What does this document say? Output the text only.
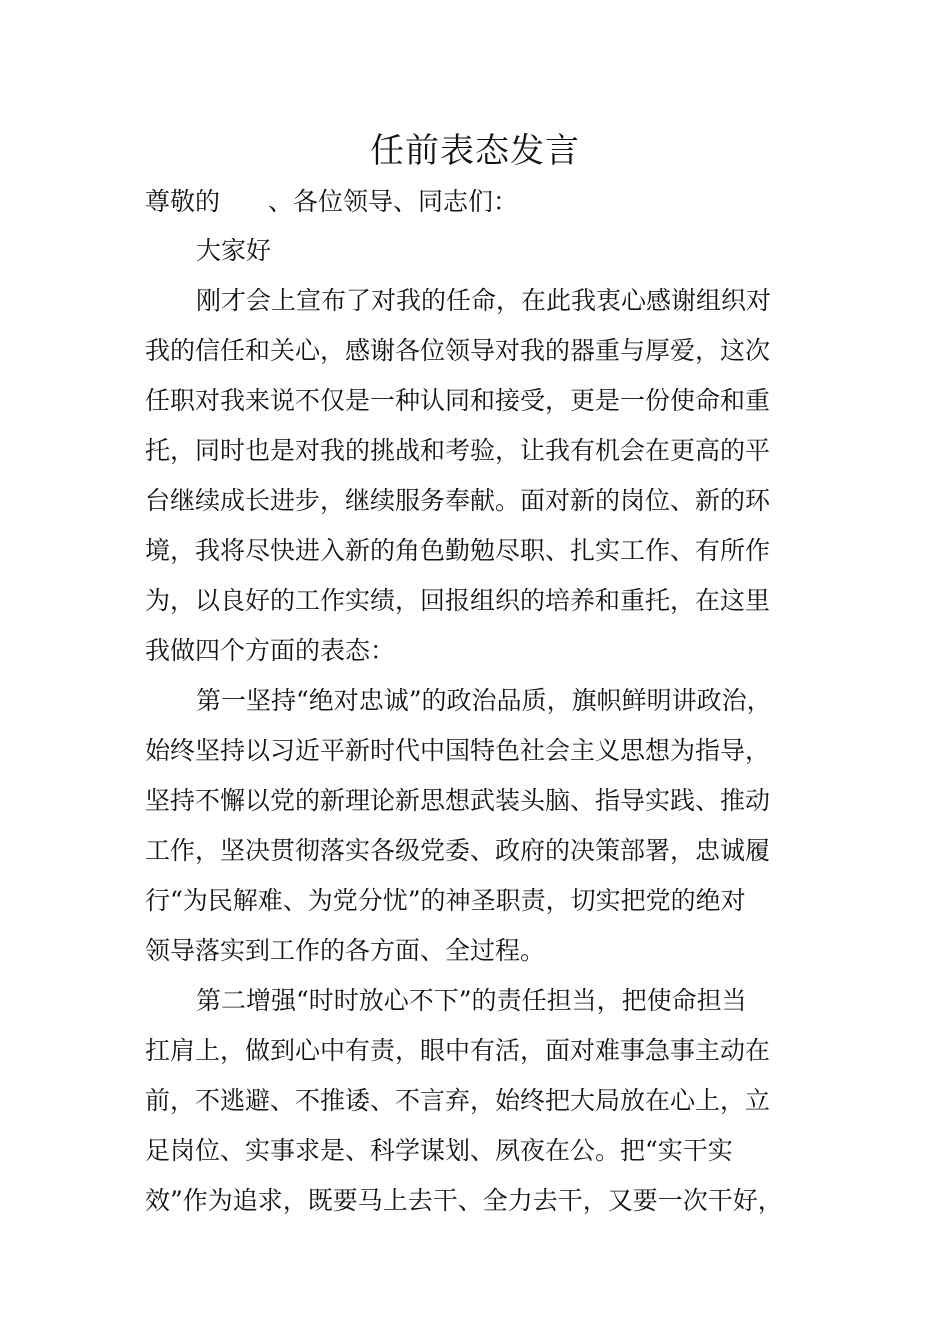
任前表态发言
尊敬的 、各位领导、同志们：
大家好
刚才会上宣布了对我的任命，在此我衷心感谢组织对
我的信任和关心，感谢各位领导对我的器重与厚爱，这次
任职对我来说不仅是一种认同和接受，更是一份使命和重
托，同时也是对我的挑战和考验，让我有机会在更高的平
台继续成长进步，继续服务奉献。面对新的岗位、新的环
境，我将尽快进入新的角色勤勉尽职、扎实工作、有所作
为，以良好的工作实绩，回报组织的培养和重托，在这里
我做四个方面的表态：
第一坚持“绝对忠诚”的政治品质，旗帜鲜明讲政治，
始终坚持以习近平新时代中国特色社会主义思想为指导，
坚持不懈以党的新理论新思想武装头脑、指导实践、推动
工作，坚决贯彻落实各级党委、政府的决策部署，忠诚履
行“为民解难、为党分忧”的神圣职责，切实把党的绝对
领导落实到工作的各方面、全过程。
第二增强“时时放心不下”的责任担当，把使命担当
扛肩上，做到心中有责，眼中有活，面对难事急事主动在
前，不逃避、不推诿、不言弃，始终把大局放在心上，立
足岗位、实事求是、科学谋划、夙夜在公。把“实干实
效”作为追求，既要马上去干、全力去干，又要一次干好，
